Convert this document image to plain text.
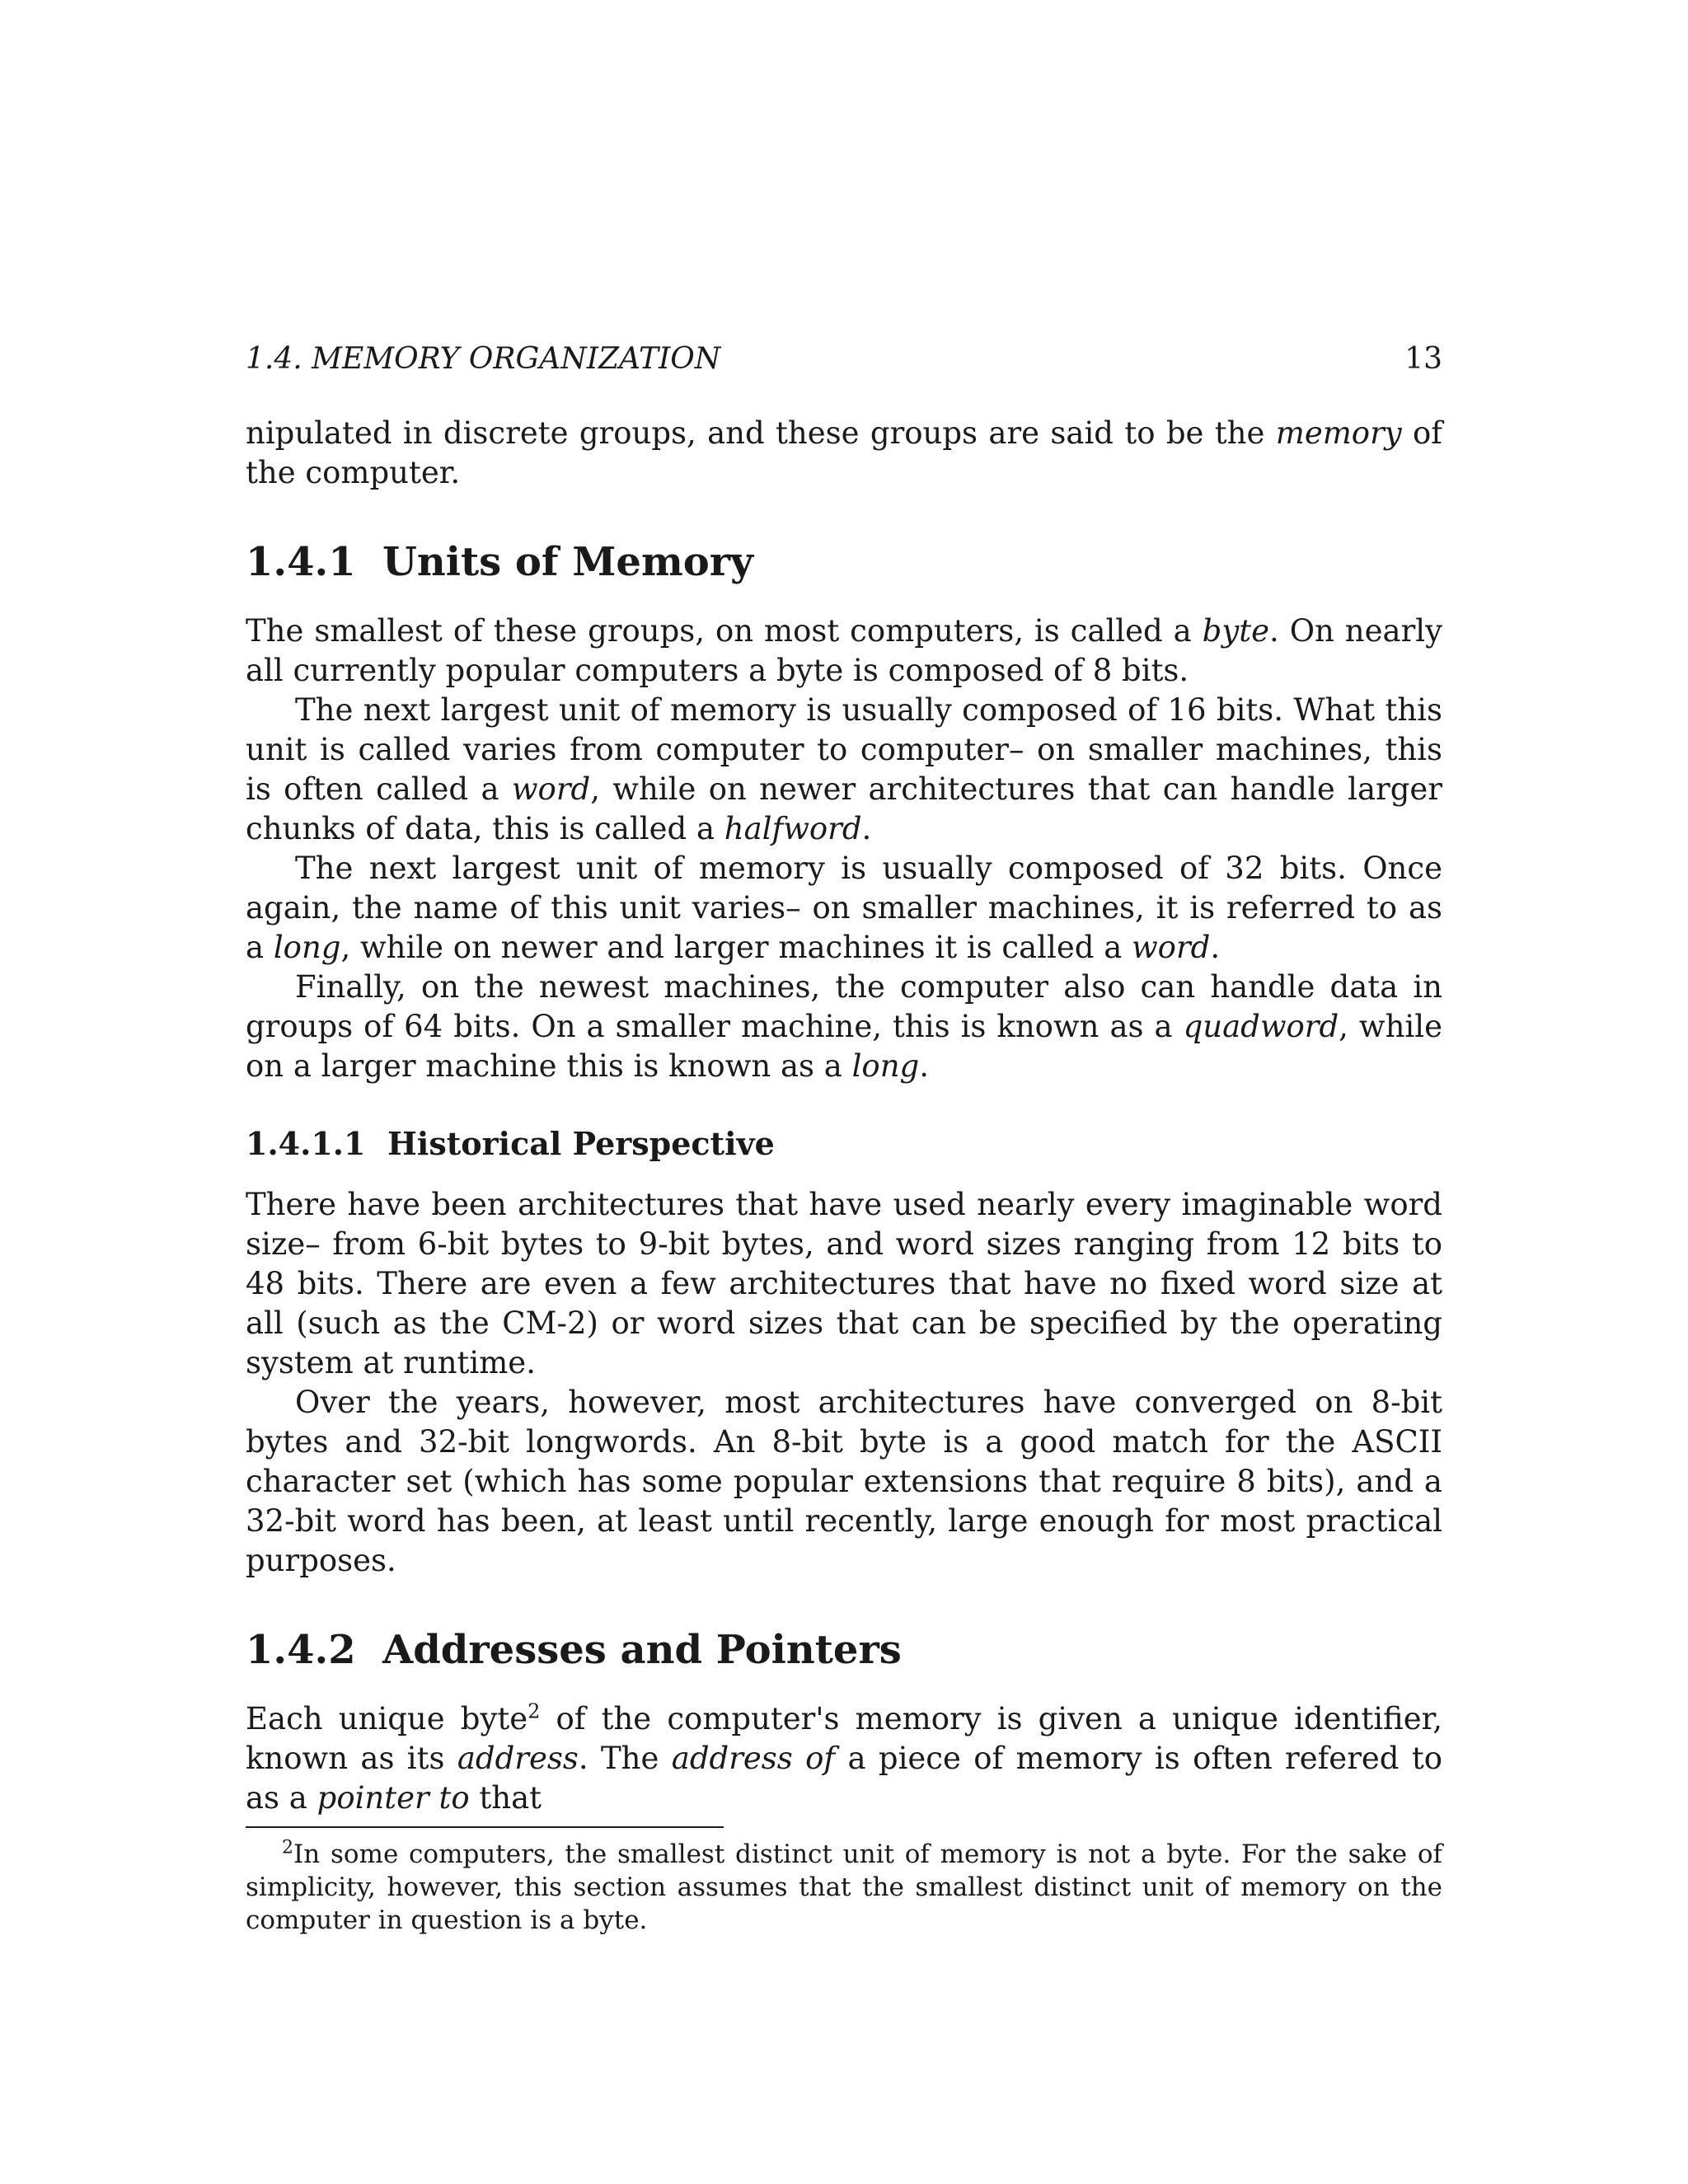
1.4. MEMORY ORGANIZATION	13

nipulated in discrete groups, and these groups are said to be the memory of the computer.

1.4.1 Units of Memory

The smallest of these groups, on most computers, is called a byte. On nearly all currently popular computers a byte is composed of 8 bits.

The next largest unit of memory is usually composed of 16 bits. What this unit is called varies from computer to computer– on smaller machines, this is often called a word, while on newer architectures that can handle larger chunks of data, this is called a halfword.

The next largest unit of memory is usually composed of 32 bits. Once again, the name of this unit varies– on smaller machines, it is referred to as a long, while on newer and larger machines it is called a word.

Finally, on the newest machines, the computer also can handle data in groups of 64 bits. On a smaller machine, this is known as a quadword, while on a larger machine this is known as a long.

1.4.1.1 Historical Perspective

There have been architectures that have used nearly every imaginable word size– from 6-bit bytes to 9-bit bytes, and word sizes ranging from 12 bits to 48 bits. There are even a few architectures that have no fixed word size at all (such as the CM-2) or word sizes that can be specified by the operating system at runtime.

Over the years, however, most architectures have converged on 8-bit bytes and 32-bit longwords. An 8-bit byte is a good match for the ASCII character set (which has some popular extensions that require 8 bits), and a 32-bit word has been, at least until recently, large enough for most practical purposes.

1.4.2 Addresses and Pointers

Each unique byte$^2$ of the computer's memory is given a unique identifier, known as its address. The address of a piece of memory is often refered to as a pointer to that

$^2$In some computers, the smallest distinct unit of memory is not a byte. For the sake of simplicity, however, this section assumes that the smallest distinct unit of memory on the computer in question is a byte.
